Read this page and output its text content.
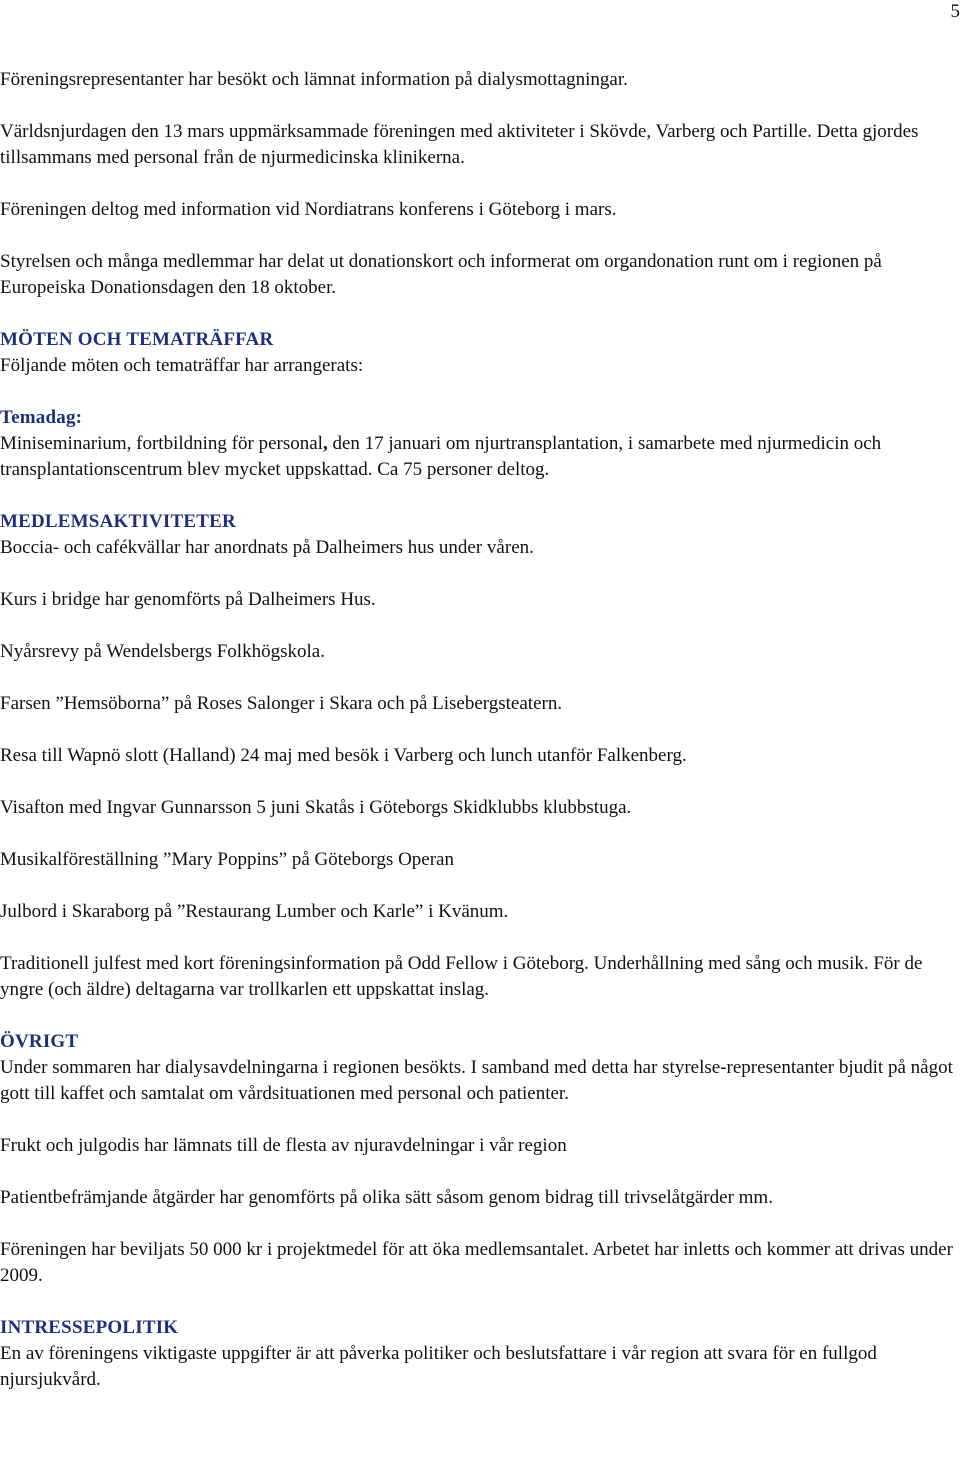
5

Föreningsrepresentanter har besökt och lämnat information på dialysmottagningar.

Världsnjurdagen den 13 mars uppmärksammade föreningen med aktiviteter i Skövde, Varberg och Partille. Detta gjordes tillsammans med personal från de njurmedicinska klinikerna.

Föreningen deltog med information vid Nordiatrans konferens i Göteborg i mars.

Styrelsen och många medlemmar har delat ut donationskort och informerat om organdonation runt om i regionen på Europeiska Donationsdagen den 18 oktober.

MÖTEN OCH TEMATRÄFFAR

Följande möten och tematräffar har arrangerats:

Temadag:

Miniseminarium, fortbildning för personal, den 17 januari om njurtransplantation, i samarbete med njurmedicin och transplantationscentrum blev mycket uppskattad. Ca 75 personer deltog.

MEDLEMSAKTIVITETER

Boccia- och cafékvällar har anordnats på Dalheimers hus under våren.

Kurs i bridge har genomförts på Dalheimers Hus.

Nyårsrevy på Wendelsbergs Folkhögskola.

Farsen ”Hemsöborna” på Roses Salonger i Skara och på Lisebergsteatern.

Resa till Wapnö slott (Halland) 24 maj med besök i Varberg och lunch utanför Falkenberg.

Visafton med Ingvar Gunnarsson 5 juni Skatås i Göteborgs Skidklubbs klubbstuga.

Musikalföreställning ”Mary Poppins” på Göteborgs Operan

Julbord i Skaraborg på ”Restaurang Lumber och Karle” i Kvänum.

Traditionell julfest med kort föreningsinformation på Odd Fellow i Göteborg. Underhållning med sång och musik. För de yngre (och äldre) deltagarna var trollkarlen ett uppskattat inslag.

ÖVRIGT

Under sommaren har dialysavdelningarna i regionen besökts. I samband med detta har styrelse-representanter bjudit på något gott till kaffet och samtalat om vårdsituationen med personal och patienter.

Frukt och julgodis har lämnats till de flesta av njuravdelningar i vår region

Patientbefrämjande åtgärder har genomförts på olika sätt såsom genom bidrag till trivselåtgärder mm.

Föreningen har beviljats 50 000 kr i projektmedel för att öka medlemsantalet. Arbetet har inletts och kommer att drivas under 2009.

INTRESSEPOLITIK

En av föreningens viktigaste uppgifter är att påverka politiker och beslutsfattare i vår region att svara för en fullgod njursjukvård.
